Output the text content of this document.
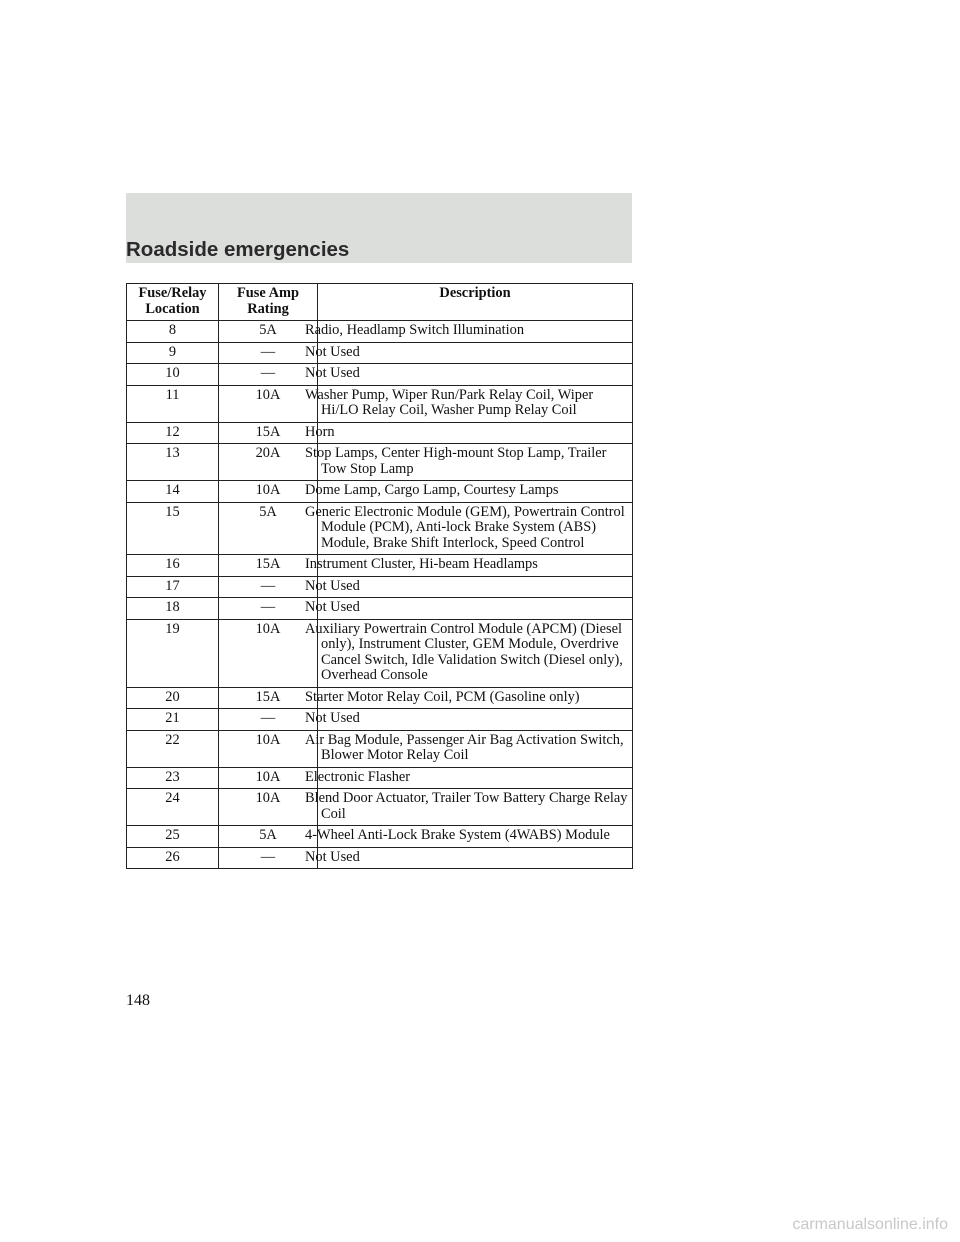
Roadside emergencies
Fuse/Relay Location	Fuse Amp Rating	Description
8	5A	Radio, Headlamp Switch Illumination
9	—	Not Used
10	—	Not Used
11	10A	Washer Pump, Wiper Run/Park Relay Coil, Wiper Hi/LO Relay Coil, Washer Pump Relay Coil
12	15A	Horn
13	20A	Stop Lamps, Center High-mount Stop Lamp, Trailer Tow Stop Lamp
14	10A	Dome Lamp, Cargo Lamp, Courtesy Lamps
15	5A	Generic Electronic Module (GEM), Powertrain Control Module (PCM), Anti-lock Brake System (ABS) Module, Brake Shift Interlock, Speed Control
16	15A	Instrument Cluster, Hi-beam Headlamps
17	—	Not Used
18	—	Not Used
19	10A	Auxiliary Powertrain Control Module (APCM) (Diesel only), Instrument Cluster, GEM Module, Overdrive Cancel Switch, Idle Validation Switch (Diesel only), Overhead Console
20	15A	Starter Motor Relay Coil, PCM (Gasoline only)
21	—	Not Used
22	10A	Air Bag Module, Passenger Air Bag Activation Switch, Blower Motor Relay Coil
23	10A	Electronic Flasher
24	10A	Blend Door Actuator, Trailer Tow Battery Charge Relay Coil
25	5A	4-Wheel Anti-Lock Brake System (4WABS) Module
26	—	Not Used

148

carmanualsonline.info
